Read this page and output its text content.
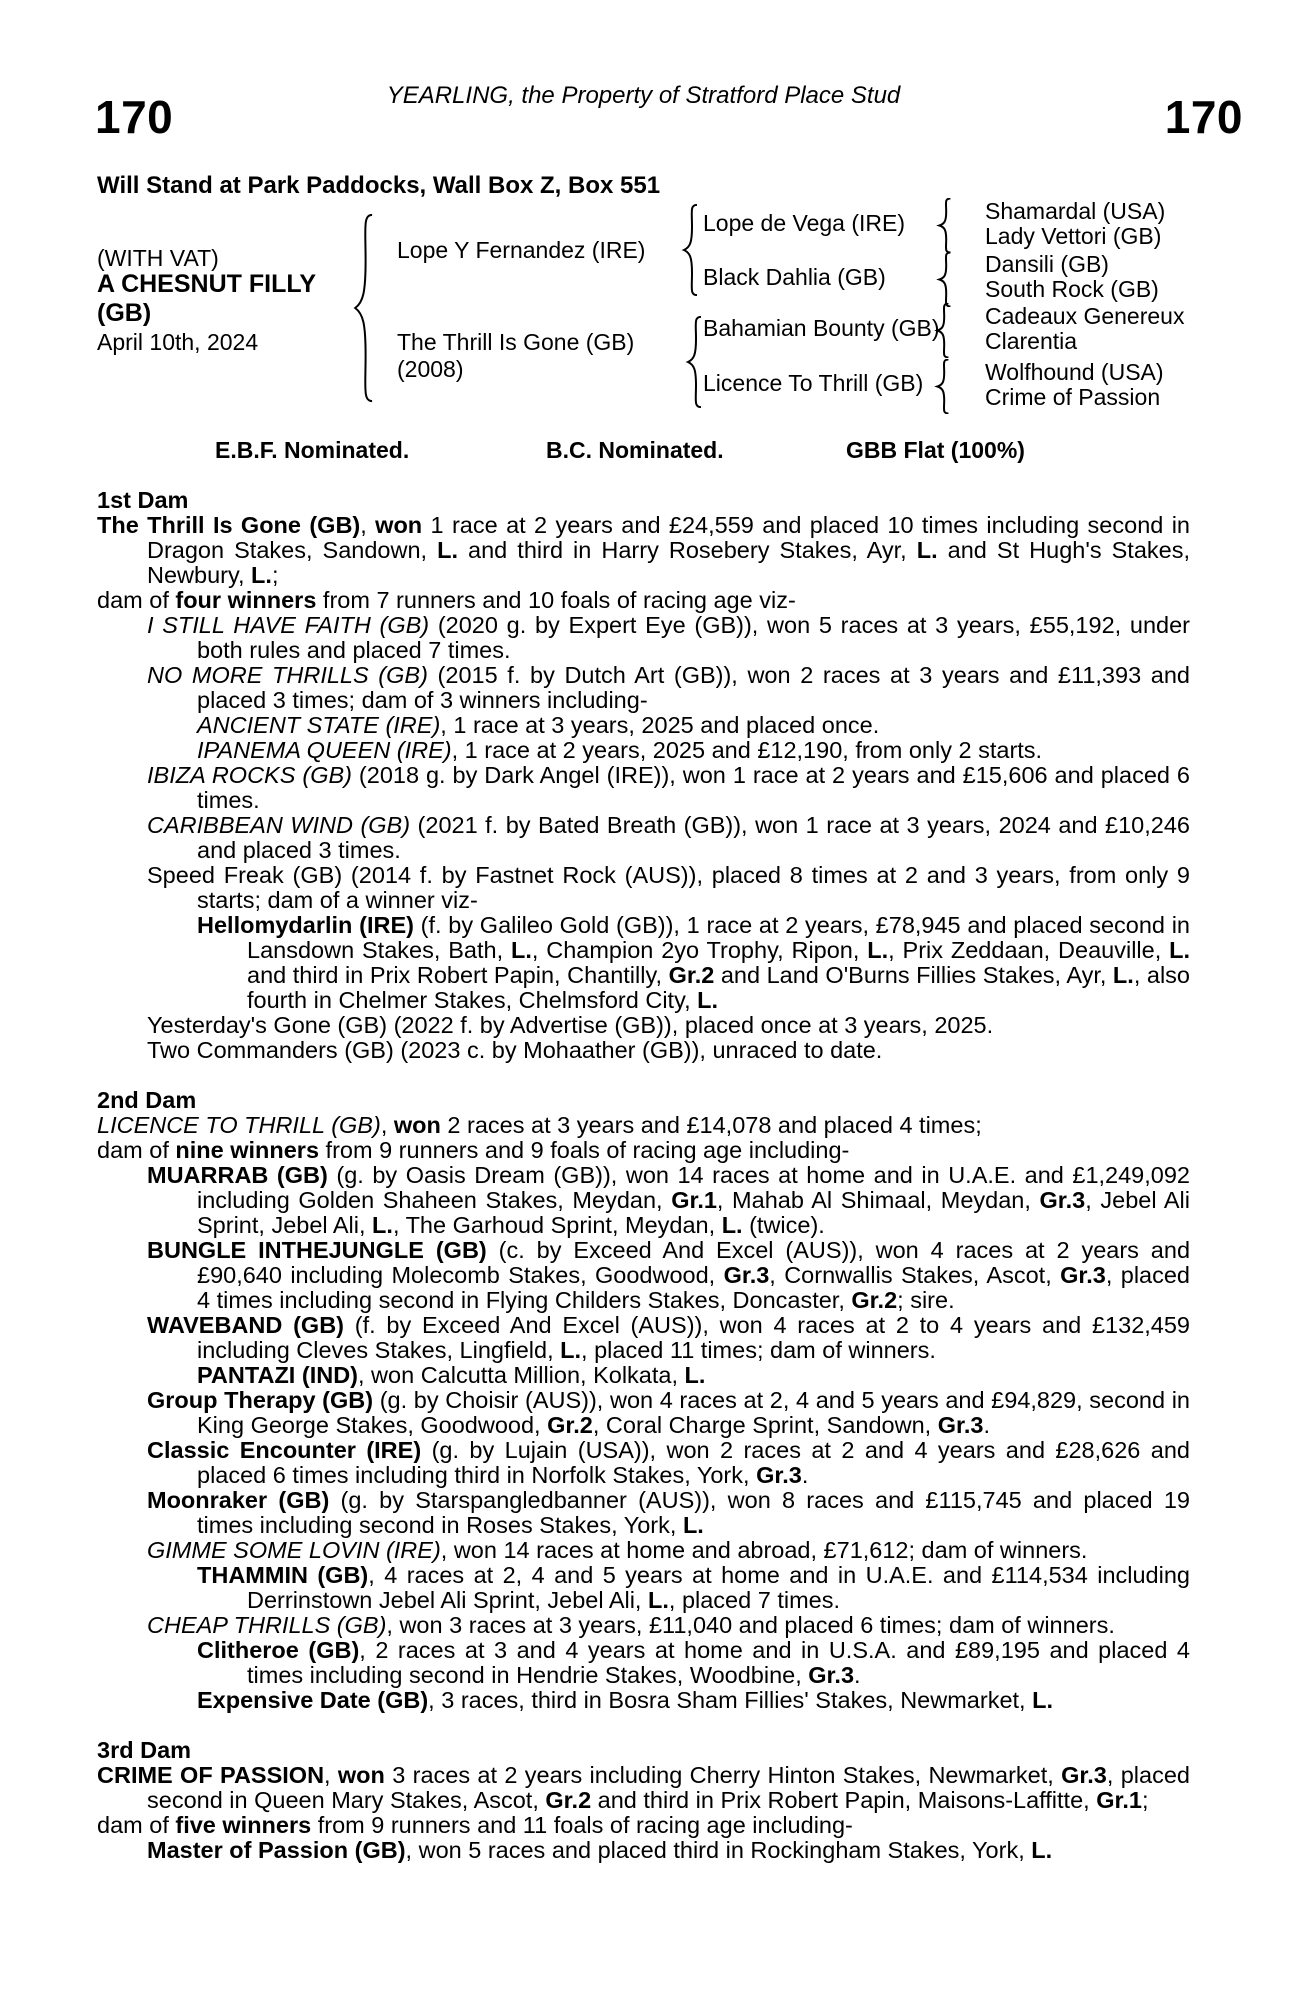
YEARLING, the Property of Stratford Place Stud
170	170
Will Stand at Park Paddocks, Wall Box Z, Box 551
(WITH VAT)
A CHESNUT FILLY
(GB)
April 10th, 2024
Lope Y Fernandez (IRE)
The Thrill Is Gone (GB)
(2008)
Lope de Vega (IRE)
Black Dahlia (GB)
Bahamian Bounty (GB)
Licence To Thrill (GB)
Shamardal (USA)
Lady Vettori (GB)
Dansili (GB)
South Rock (GB)
Cadeaux Genereux
Clarentia
Wolfhound (USA)
Crime of Passion
E.B.F. Nominated.	B.C. Nominated.	GBB Flat (100%)
1st Dam

The Thrill Is Gone (GB), won 1 race at 2 years and £24,559 and placed 10 times including second in Dragon Stakes, Sandown, L. and third in Harry Rosebery Stakes, Ayr, L. and St Hugh's Stakes, Newbury, L.;

dam of four winners from 7 runners and 10 foals of racing age viz-

I STILL HAVE FAITH (GB) (2020 g. by Expert Eye (GB)), won 5 races at 3 years, £55,192, under both rules and placed 7 times.

NO MORE THRILLS (GB) (2015 f. by Dutch Art (GB)), won 2 races at 3 years and £11,393 and placed 3 times; dam of 3 winners including-

ANCIENT STATE (IRE), 1 race at 3 years, 2025 and placed once.

IPANEMA QUEEN (IRE), 1 race at 2 years, 2025 and £12,190, from only 2 starts.

IBIZA ROCKS (GB) (2018 g. by Dark Angel (IRE)), won 1 race at 2 years and £15,606 and placed 6 times.

CARIBBEAN WIND (GB) (2021 f. by Bated Breath (GB)), won 1 race at 3 years, 2024 and £10,246 and placed 3 times.

Speed Freak (GB) (2014 f. by Fastnet Rock (AUS)), placed 8 times at 2 and 3 years, from only 9 starts; dam of a winner viz-

Hellomydarlin (IRE) (f. by Galileo Gold (GB)), 1 race at 2 years, £78,945 and placed second in Lansdown Stakes, Bath, L., Champion 2yo Trophy, Ripon, L., Prix Zeddaan, Deauville, L. and third in Prix Robert Papin, Chantilly, Gr.2 and Land O'Burns Fillies Stakes, Ayr, L., also fourth in Chelmer Stakes, Chelmsford City, L.

Yesterday's Gone (GB) (2022 f. by Advertise (GB)), placed once at 3 years, 2025.

Two Commanders (GB) (2023 c. by Mohaather (GB)), unraced to date.

2nd Dam

LICENCE TO THRILL (GB), won 2 races at 3 years and £14,078 and placed 4 times;

dam of nine winners from 9 runners and 9 foals of racing age including-

MUARRAB (GB) (g. by Oasis Dream (GB)), won 14 races at home and in U.A.E. and £1,249,092 including Golden Shaheen Stakes, Meydan, Gr.1, Mahab Al Shimaal, Meydan, Gr.3, Jebel Ali Sprint, Jebel Ali, L., The Garhoud Sprint, Meydan, L. (twice).

BUNGLE INTHEJUNGLE (GB) (c. by Exceed And Excel (AUS)), won 4 races at 2 years and £90,640 including Molecomb Stakes, Goodwood, Gr.3, Cornwallis Stakes, Ascot, Gr.3, placed 4 times including second in Flying Childers Stakes, Doncaster, Gr.2; sire.

WAVEBAND (GB) (f. by Exceed And Excel (AUS)), won 4 races at 2 to 4 years and £132,459 including Cleves Stakes, Lingfield, L., placed 11 times; dam of winners.

PANTAZI (IND), won Calcutta Million, Kolkata, L.

Group Therapy (GB) (g. by Choisir (AUS)), won 4 races at 2, 4 and 5 years and £94,829, second in King George Stakes, Goodwood, Gr.2, Coral Charge Sprint, Sandown, Gr.3.

Classic Encounter (IRE) (g. by Lujain (USA)), won 2 races at 2 and 4 years and £28,626 and placed 6 times including third in Norfolk Stakes, York, Gr.3.

Moonraker (GB) (g. by Starspangledbanner (AUS)), won 8 races and £115,745 and placed 19 times including second in Roses Stakes, York, L.

GIMME SOME LOVIN (IRE), won 14 races at home and abroad, £71,612; dam of winners.

THAMMIN (GB), 4 races at 2, 4 and 5 years at home and in U.A.E. and £114,534 including Derrinstown Jebel Ali Sprint, Jebel Ali, L., placed 7 times.

CHEAP THRILLS (GB), won 3 races at 3 years, £11,040 and placed 6 times; dam of winners.

Clitheroe (GB), 2 races at 3 and 4 years at home and in U.S.A. and £89,195 and placed 4 times including second in Hendrie Stakes, Woodbine, Gr.3.

Expensive Date (GB), 3 races, third in Bosra Sham Fillies' Stakes, Newmarket, L.

3rd Dam

CRIME OF PASSION, won 3 races at 2 years including Cherry Hinton Stakes, Newmarket, Gr.3, placed second in Queen Mary Stakes, Ascot, Gr.2 and third in Prix Robert Papin, Maisons-Laffitte, Gr.1;

dam of five winners from 9 runners and 11 foals of racing age including-

Master of Passion (GB), won 5 races and placed third in Rockingham Stakes, York, L.
